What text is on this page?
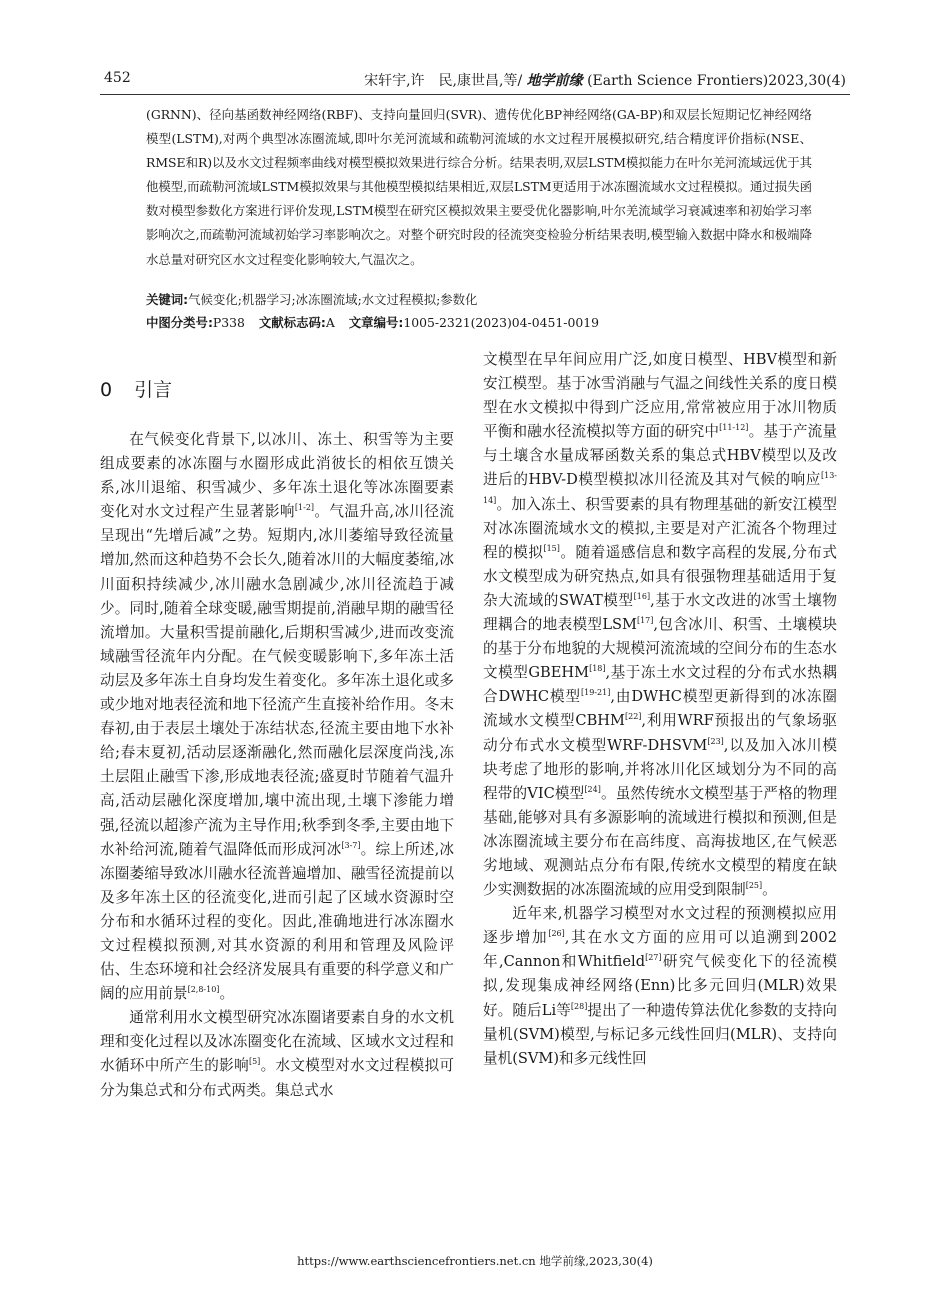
452	宋轩宇,许　民,康世昌,等/ 地学前缘 (Earth Science Frontiers)2023,30(4)
(GRNN)、径向基函数神经网络(RBF)、支持向量回归(SVR)、遗传优化BP神经网络(GA-BP)和双层长短期记忆神经网络模型(LSTM),对两个典型冰冻圈流域,即叶尔羌河流域和疏勒河流域的水文过程开展模拟研究,结合精度评价指标(NSE、RMSE和R)以及水文过程频率曲线对模型模拟效果进行综合分析。结果表明,双层LSTM模拟能力在叶尔羌河流域远优于其他模型,而疏勒河流域LSTM模拟效果与其他模型模拟结果相近,双层LSTM更适用于冰冻圈流域水文过程模拟。通过损失函数对模型参数化方案进行评价发现,LSTM模型在研究区模拟效果主要受优化器影响,叶尔羌流域学习衰减速率和初始学习率影响次之,而疏勒河流域初始学习率影响次之。对整个研究时段的径流突变检验分析结果表明,模型输入数据中降水和极端降水总量对研究区水文过程变化影响较大,气温次之。
关键词:气候变化;机器学习;冰冻圈流域;水文过程模拟;参数化
中图分类号:P338 文献标志码:A 文章编号:1005-2321(2023)04-0451-0019
0 引言

在气候变化背景下,以冰川、冻土、积雪等为主要组成要素的冰冻圈与水圈形成此消彼长的相依互馈关系,冰川退缩、积雪减少、多年冻土退化等冰冻圈要素变化对水文过程产生显著影响[1-2]。气温升高,冰川径流呈现出“先增后减”之势。短期内,冰川萎缩导致径流量增加,然而这种趋势不会长久,随着冰川的大幅度萎缩,冰川面积持续减少,冰川融水急剧减少,冰川径流趋于减少。同时,随着全球变暖,融雪期提前,消融早期的融雪径流增加。大量积雪提前融化,后期积雪减少,进而改变流域融雪径流年内分配。在气候变暖影响下,多年冻土活动层及多年冻土自身均发生着变化。多年冻土退化或多或少地对地表径流和地下径流产生直接补给作用。冬末春初,由于表层土壤处于冻结状态,径流主要由地下水补给;春末夏初,活动层逐渐融化,然而融化层深度尚浅,冻土层阻止融雪下渗,形成地表径流;盛夏时节随着气温升高,活动层融化深度增加,壤中流出现,土壤下渗能力增强,径流以超渗产流为主导作用;秋季到冬季,主要由地下水补给河流,随着气温降低而形成河冰[3-7]。综上所述,冰冻圈萎缩导致冰川融水径流普遍增加、融雪径流提前以及多年冻土区的径流变化,进而引起了区域水资源时空分布和水循环过程的变化。因此,准确地进行冰冻圈水文过程模拟预测,对其水资源的利用和管理及风险评估、生态环境和社会经济发展具有重要的科学意义和广阔的应用前景[2,8-10]。

通常利用水文模型研究冰冻圈诸要素自身的水文机理和变化过程以及冰冻圈变化在流域、区域水文过程和水循环中所产生的影响[5]。水文模型对水文过程模拟可分为集总式和分布式两类。集总式水

文模型在早年间应用广泛,如度日模型、HBV模型和新安江模型。基于冰雪消融与气温之间线性关系的度日模型在水文模拟中得到广泛应用,常常被应用于冰川物质平衡和融水径流模拟等方面的研究中[11-12]。基于产流量与土壤含水量成幂函数关系的集总式HBV模型以及改进后的HBV-D模型模拟冰川径流及其对气候的响应[13-14]。加入冻土、积雪要素的具有物理基础的新安江模型对冰冻圈流域水文的模拟,主要是对产汇流各个物理过程的模拟[15]。随着遥感信息和数字高程的发展,分布式水文模型成为研究热点,如具有很强物理基础适用于复杂大流域的SWAT模型[16],基于水文改进的冰雪土壤物理耦合的地表模型LSM[17],包含冰川、积雪、土壤模块的基于分布地貌的大规模河流流域的空间分布的生态水文模型GBEHM[18],基于冻土水文过程的分布式水热耦合DWHC模型[19-21],由DWHC模型更新得到的冰冻圈流域水文模型CBHM[22],利用WRF预报出的气象场驱动分布式水文模型WRF-DHSVM[23],以及加入冰川模块考虑了地形的影响,并将冰川化区域划分为不同的高程带的VIC模型[24]。虽然传统水文模型基于严格的物理基础,能够对具有多源影响的流域进行模拟和预测,但是冰冻圈流域主要分布在高纬度、高海拔地区,在气候恶劣地域、观测站点分布有限,传统水文模型的精度在缺少实测数据的冰冻圈流域的应用受到限制[25]。

近年来,机器学习模型对水文过程的预测模拟应用逐步增加[26],其在水文方面的应用可以追溯到2002年,Cannon和Whitfield[27]研究气候变化下的径流模拟,发现集成神经网络(Enn)比多元回归(MLR)效果好。随后Li等[28]提出了一种遗传算法优化参数的支持向量机(SVM)模型,与标记多元线性回归(MLR)、支持向量机(SVM)和多元线性回

https://www.earthsciencefrontiers.net.cn 地学前缘,2023,30(4)
